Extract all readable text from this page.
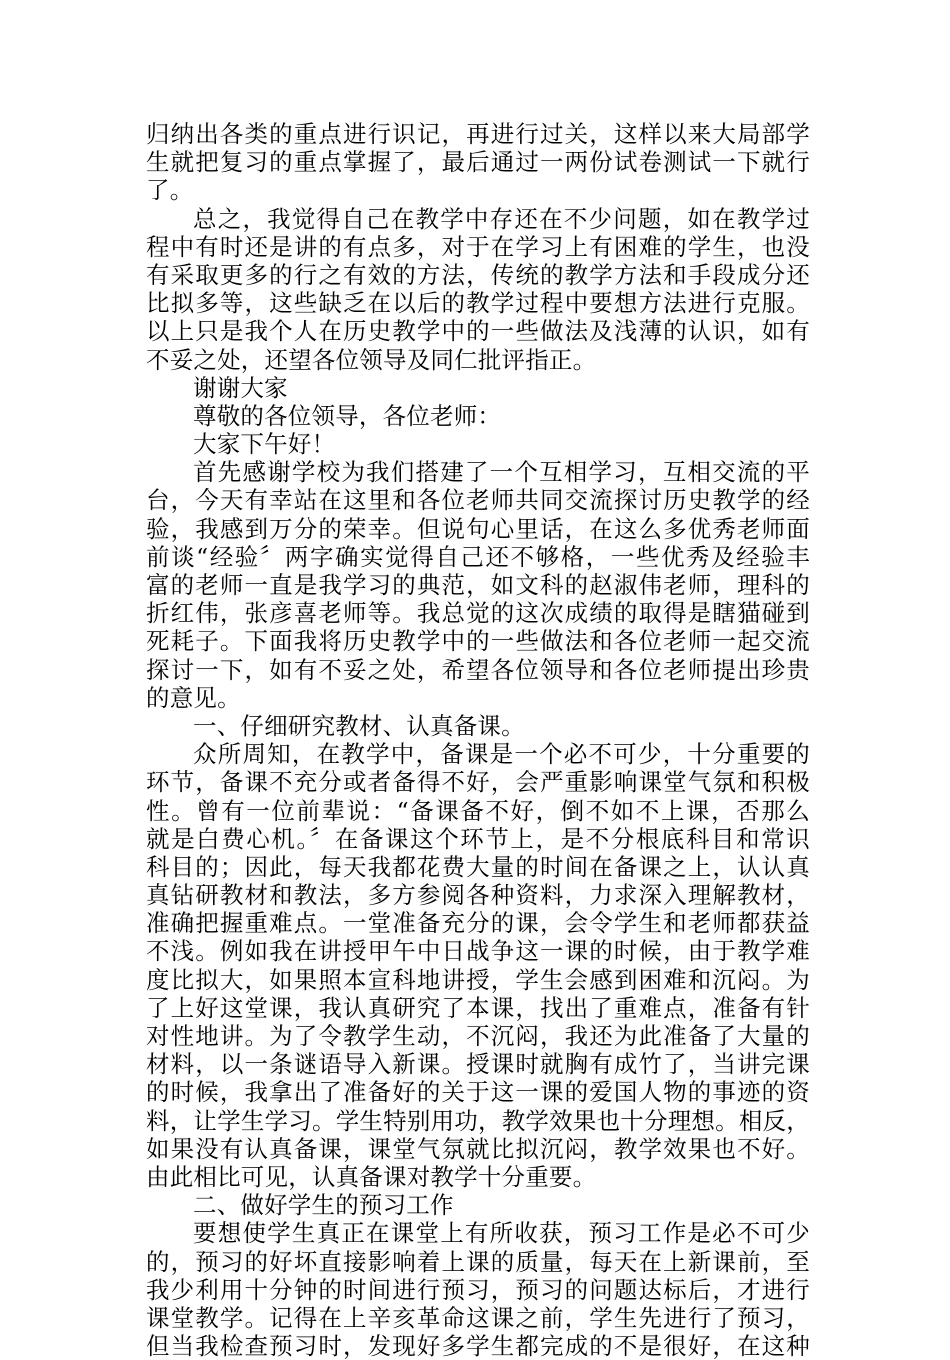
归纳出各类的重点进行识记，再进行过关，这样以来大局部学
生就把复习的重点掌握了，最后通过一两份试卷测试一下就行
了。
总之，我觉得自己在教学中存还在不少问题，如在教学过
程中有时还是讲的有点多，对于在学习上有困难的学生，也没
有采取更多的行之有效的方法，传统的教学方法和手段成分还
比拟多等，这些缺乏在以后的教学过程中要想方法进行克服。
以上只是我个人在历史教学中的一些做法及浅薄的认识，如有
不妥之处，还望各位领导及同仁批评指正。
谢谢大家
尊敬的各位领导，各位老师：
大家下午好！
首先感谢学校为我们搭建了一个互相学习，互相交流的平
台，今天有幸站在这里和各位老师共同交流探讨历史教学的经
验，我感到万分的荣幸。但说句心里话，在这么多优秀老师面
前谈“经验〞两字确实觉得自己还不够格，一些优秀及经验丰
富的老师一直是我学习的典范，如文科的赵淑伟老师，理科的
折红伟，张彦喜老师等。我总觉的这次成绩的取得是瞎猫碰到
死耗子。下面我将历史教学中的一些做法和各位老师一起交流
探讨一下，如有不妥之处，希望各位领导和各位老师提出珍贵
的意见。
一、仔细研究教材、认真备课。
众所周知，在教学中，备课是一个必不可少，十分重要的
环节，备课不充分或者备得不好，会严重影响课堂气氛和积极
性。曾有一位前辈说：“备课备不好，倒不如不上课，否那么
就是白费心机。〞在备课这个环节上，是不分根底科目和常识
科目的；因此，每天我都花费大量的时间在备课之上，认认真
真钻研教材和教法，多方参阅各种资料，力求深入理解教材，
准确把握重难点。一堂准备充分的课，会令学生和老师都获益
不浅。例如我在讲授甲午中日战争这一课的时候，由于教学难
度比拟大，如果照本宣科地讲授，学生会感到困难和沉闷。为
了上好这堂课，我认真研究了本课，找出了重难点，准备有针
对性地讲。为了令教学生动，不沉闷，我还为此准备了大量的
材料，以一条谜语导入新课。授课时就胸有成竹了，当讲完课
的时候，我拿出了准备好的关于这一课的爱国人物的事迹的资
料，让学生学习。学生特别用功，教学效果也十分理想。相反，
如果没有认真备课，课堂气氛就比拟沉闷，教学效果也不好。
由此相比可见，认真备课对教学十分重要。
二、做好学生的预习工作
要想使学生真正在课堂上有所收获，预习工作是必不可少
的，预习的好坏直接影响着上课的质量，每天在上新课前，至
我少利用十分钟的时间进行预习，预习的问题达标后，才进行
课堂教学。记得在上辛亥革命这课之前，学生先进行了预习，
但当我检查预习时，发现好多学生都完成的不是很好，在这种
